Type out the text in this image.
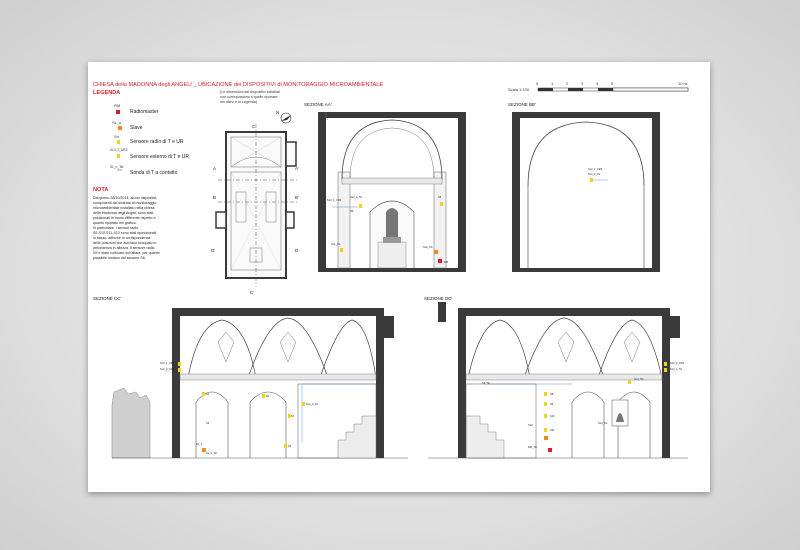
CHIESA della MADONNA degli ANGELI _ UBICAZIONE dei DISPOSITIVI di MONITORAGGIO MICROAMBIENTALE
LEGENDA	(Le dimensioni dei dispositivi installati
non corrispondono a quelle riportate
nei rilievi e in Legenda)
0	1	2	3	4	5	10 m
Scala 1:100
RM
Radiomaster
SL_n
Slave
Sn
Sensore radio di T e UR
SL3_1_UR3
Sensore esterno di T e UR
SL_n_Tst
Sonda di T a contatto
NOTA
Dal giorno 28/10/2014, alcuni dispositivi,
componenti del sistema di monitoraggio
microambientale installato nella chiesa
della Madonna degli Angeli, sono stati
posizionati in modo differente rispetto a
quanto riportato nel grafico.
In particolare, i sensori radio
S9-S10-S11-S12 sono stati riposizionati
in basso, affinchè in corrispondenza
delle posizioni che avevano occupato in
precedenza in altezza. Il sensore radio
S9 è stato collocato sull'altare, per quanto
possibile lontano dal sensore S8.
N
A	A'
B	B'
C
C'
D
D'
SEZIONE AA'
SL3_1_UR2
SL3_4_Tst
S5
S6
SL2_Tst
SL1_Tst
RM
SEZIONE BB'
SL3_2_UR3
SL3_4_Tst
SEZIONE CC'
SL3_1_UR2
SL3_2_UR3
S1
S2
S7
SL2_4_Tst
S3
S4
SL_2
SL_2_Tst
SEZIONE DD'
SL3_3_UR1
SL3_4_Tst
SL4_Tst
S8
S9
S10
S11
S12
S9_Tst
SL4_Tst
RM_Tst
